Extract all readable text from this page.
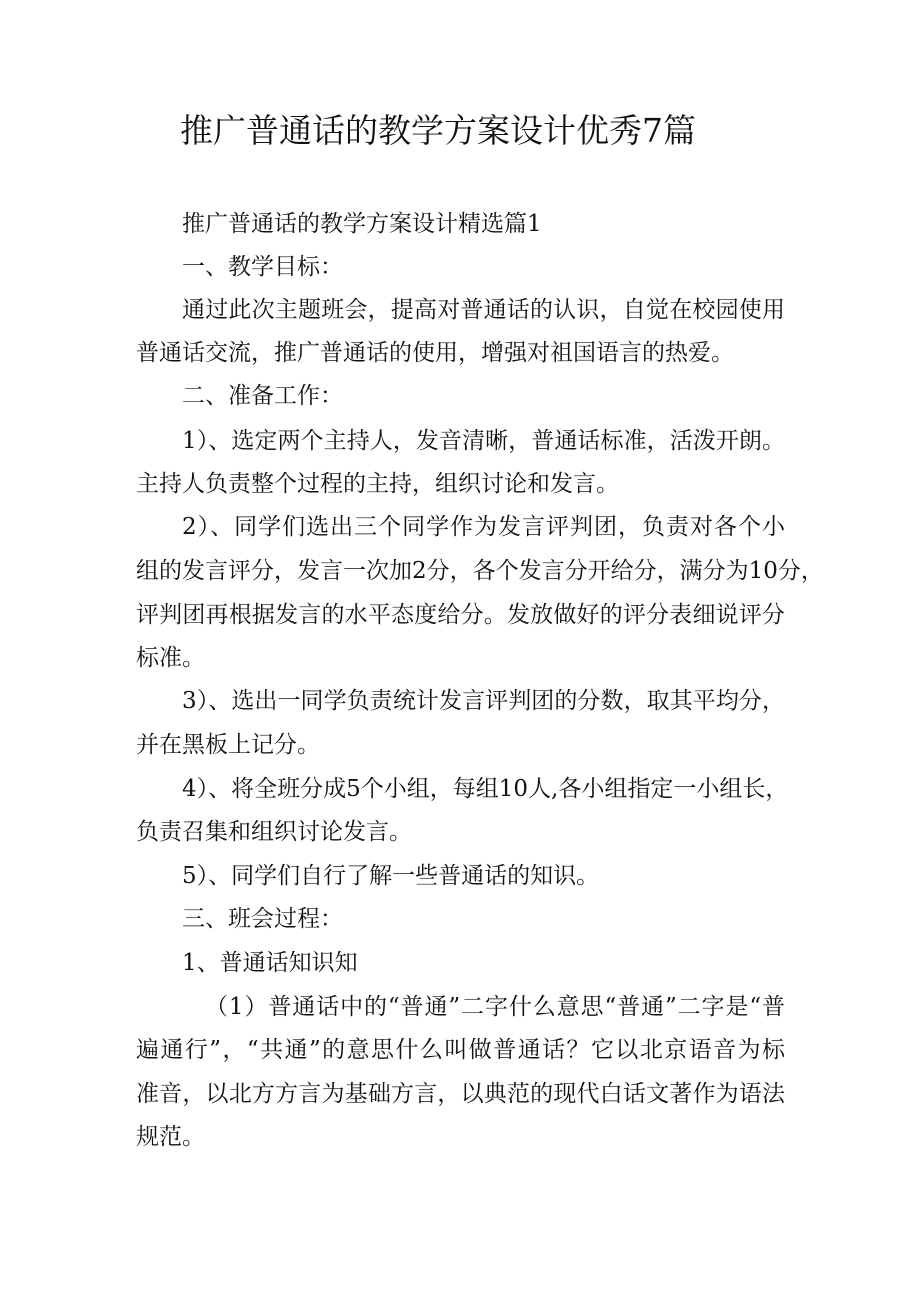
推广普通话的教学方案设计优秀7篇

推广普通话的教学方案设计精选篇1

一、教学目标：

通过此次主题班会，提高对普通话的认识，自觉在校园使用

普通话交流，推广普通话的使用，增强对祖国语言的热爱。

二、准备工作：

1）、选定两个主持人，发音清晰，普通话标准，活泼开朗。

主持人负责整个过程的主持，组织讨论和发言。

2）、同学们选出三个同学作为发言评判团，负责对各个小

组的发言评分，发言一次加2分，各个发言分开给分，满分为10分，

评判团再根据发言的水平态度给分。发放做好的评分表细说评分

标准。

3）、选出一同学负责统计发言评判团的分数，取其平均分，

并在黑板上记分。

4）、将全班分成5个小组，每组10人,各小组指定一小组长，

负责召集和组织讨论发言。

5）、同学们自行了解一些普通话的知识。

三、班会过程：

1、普通话知识知

（1）普通话中的“普通”二字什么意思“普通”二字是“普

遍通行”，“共通”的意思什么叫做普通话？它以北京语音为标

准音，以北方方言为基础方言，以典范的现代白话文著作为语法

规范。
